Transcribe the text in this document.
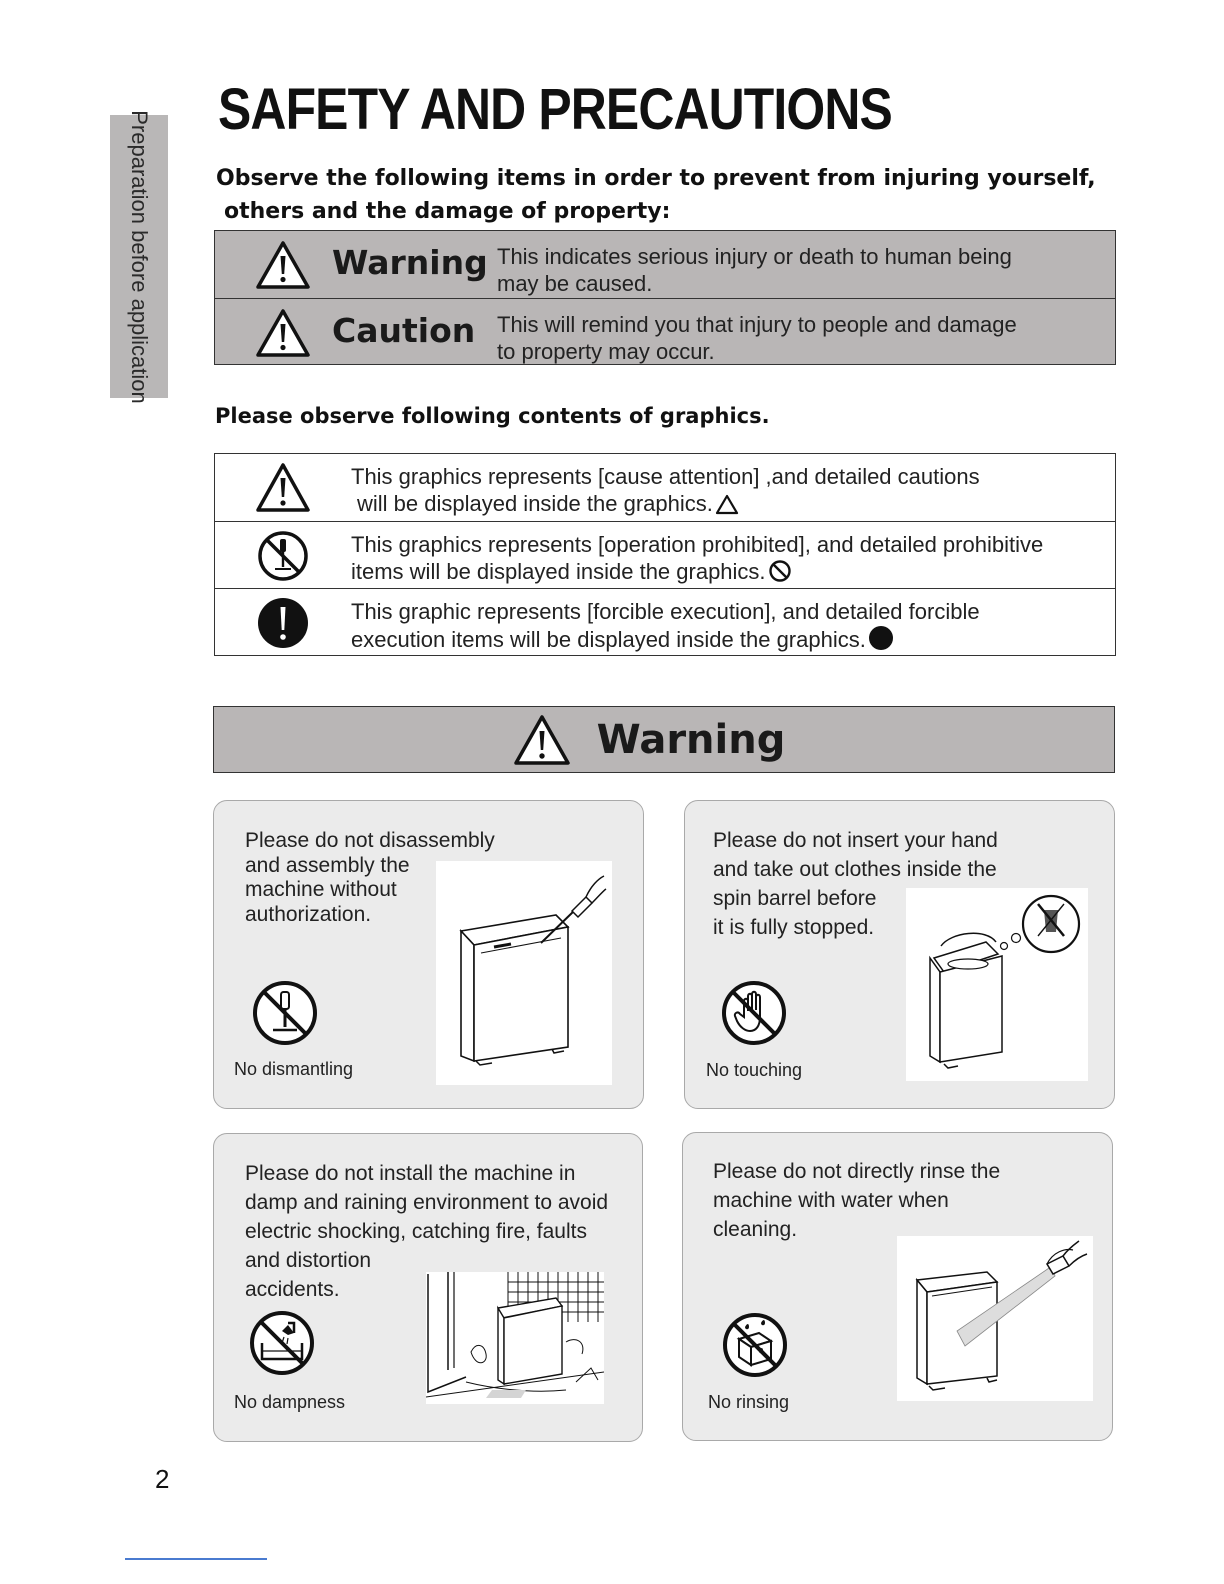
Preparation before application
SAFETY AND PRECAUTIONS
Observe the following items in order to prevent from injuring yourself,
others and the damage of property:
Warning This indicates serious injury or death to human being
may be caused.
Caution This will remind you that injury to people and damage
to property may occur.
Please observe following contents of graphics.
This graphics represents [cause attention] ,and detailed cautions
will be displayed inside the graphics.
This graphics represents [operation prohibited], and detailed prohibitive
items will be displayed inside the graphics.
This graphic represents [forcible execution], and detailed forcible
execution items will be displayed inside the graphics.
Warning
Please do not disassembly
and assembly the
machine without
authorization.
No dismantling
Please do not insert your hand
and take out clothes inside the
spin barrel before
it is fully stopped.
No touching
Please do not install the machine in
damp and raining environment to avoid
electric shocking, catching fire, faults
and distortion
accidents.
No dampness
Please do not directly rinse the
machine with water when
cleaning.
No rinsing
2
